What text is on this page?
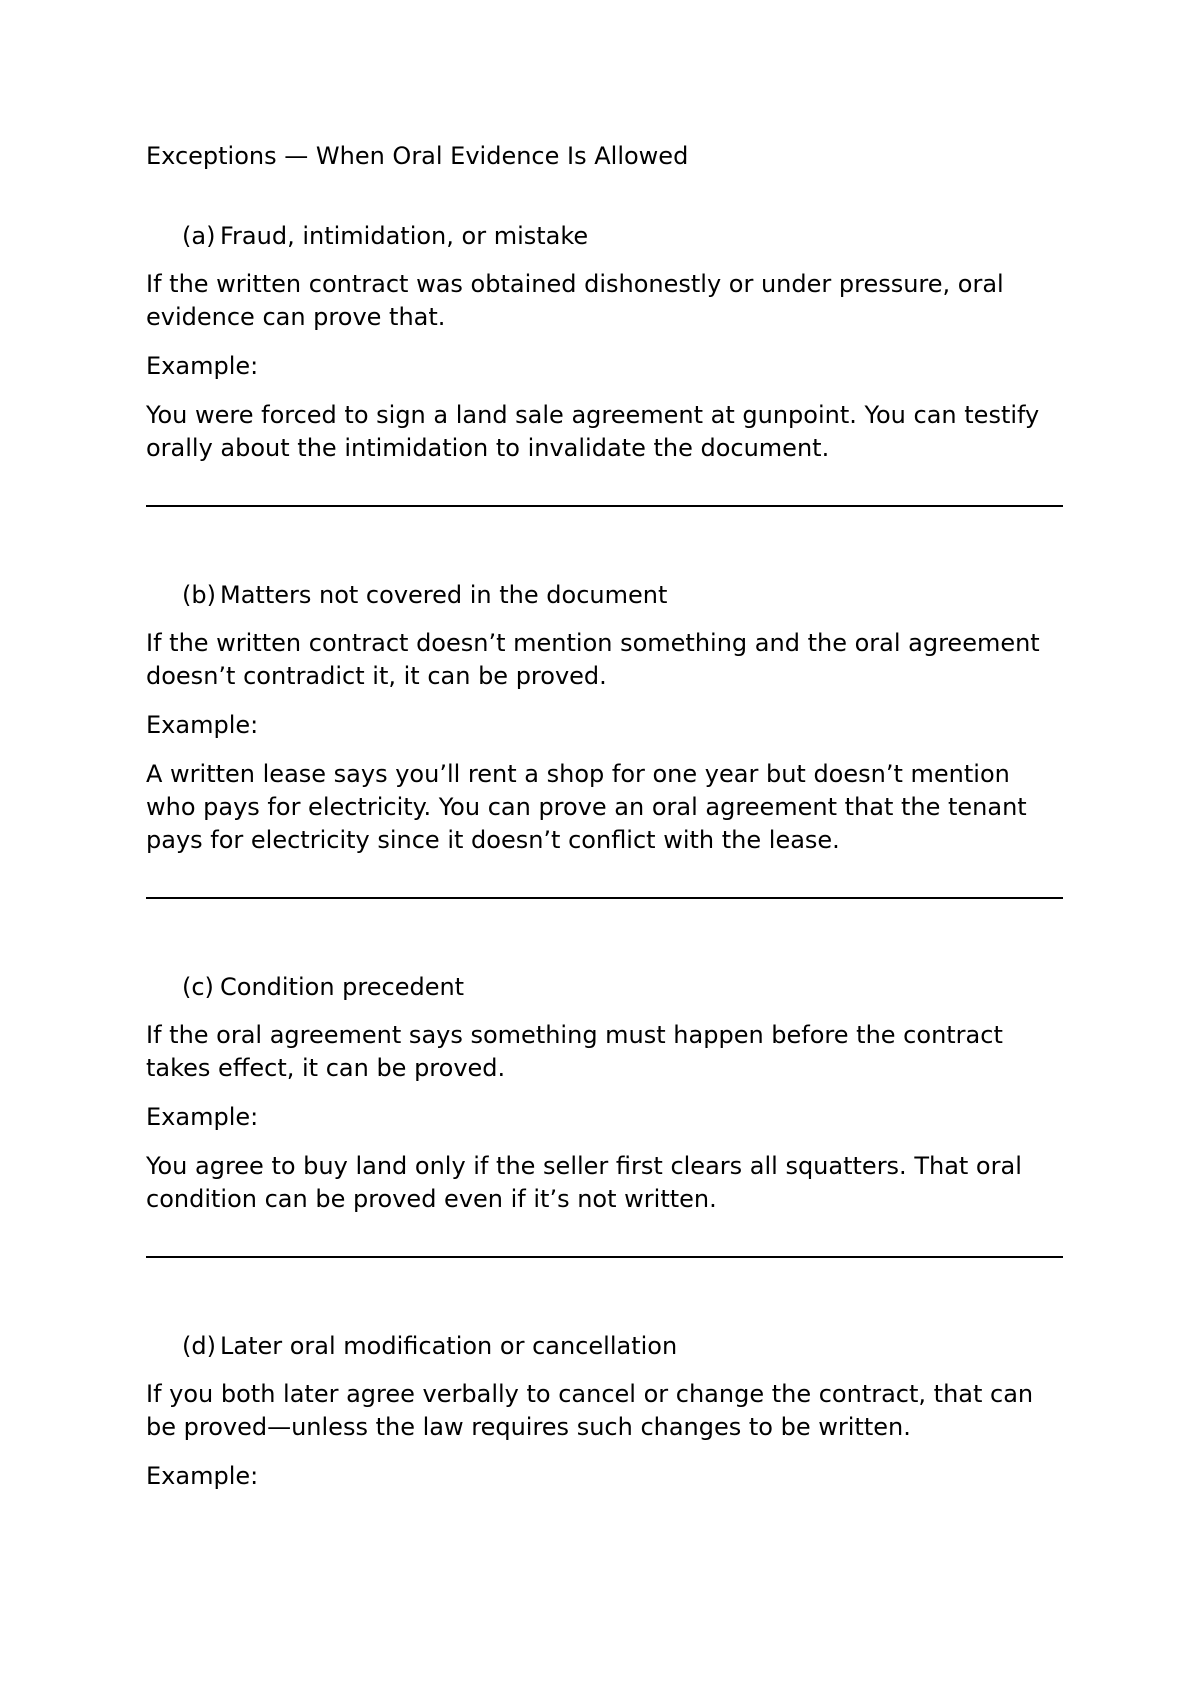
Exceptions — When Oral Evidence Is Allowed

(a) Fraud, intimidation, or mistake

If the written contract was obtained dishonestly or under pressure, oral evidence can prove that.

Example:

You were forced to sign a land sale agreement at gunpoint. You can testify orally about the intimidation to invalidate the document.

(b) Matters not covered in the document

If the written contract doesn’t mention something and the oral agreement doesn’t contradict it, it can be proved.

Example:

A written lease says you’ll rent a shop for one year but doesn’t mention who pays for electricity. You can prove an oral agreement that the tenant pays for electricity since it doesn’t conflict with the lease.

(c) Condition precedent

If the oral agreement says something must happen before the contract takes effect, it can be proved.

Example:

You agree to buy land only if the seller first clears all squatters. That oral condition can be proved even if it’s not written.

(d) Later oral modification or cancellation

If you both later agree verbally to cancel or change the contract, that can be proved—unless the law requires such changes to be written.

Example:
